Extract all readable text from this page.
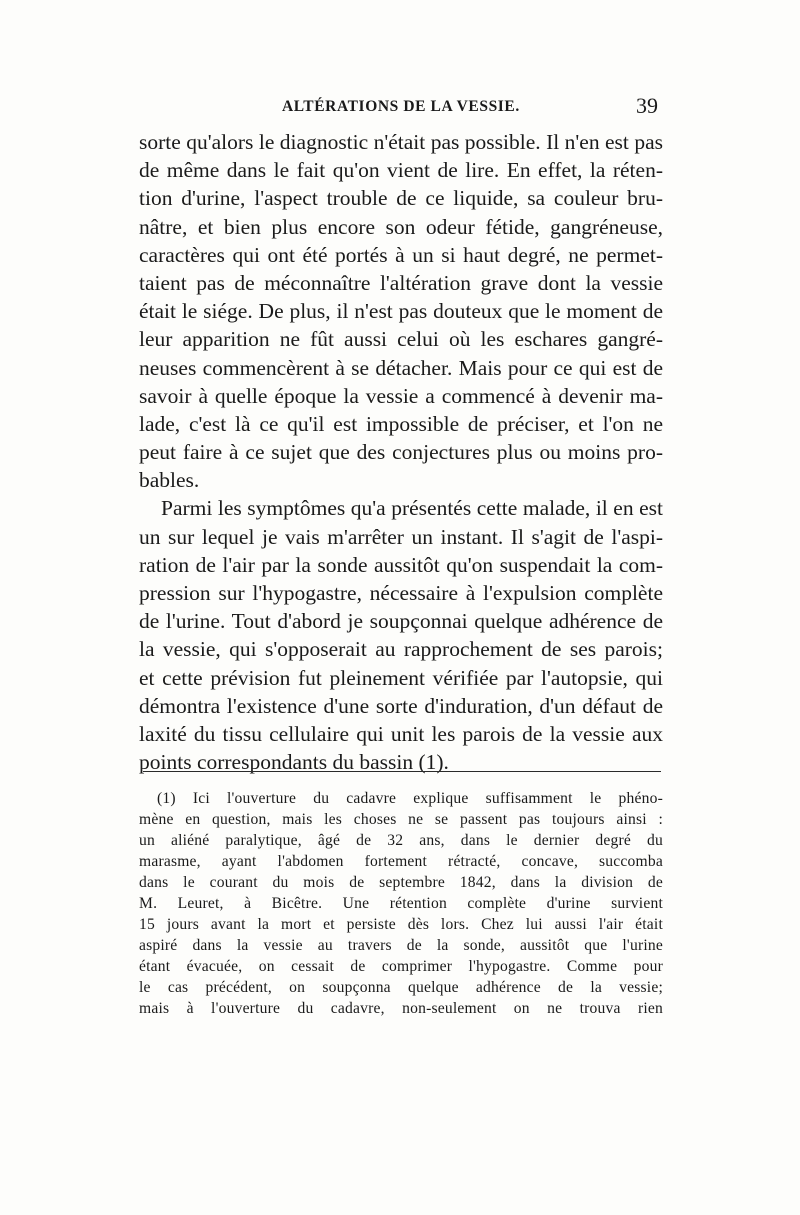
ALTÉRATIONS DE LA VESSIE.	39
sorte qu'alors le diagnostic n'était pas possible. Il n'en est pas
de même dans le fait qu'on vient de lire. En effet, la réten-
tion d'urine, l'aspect trouble de ce liquide, sa couleur bru-
nâtre, et bien plus encore son odeur fétide, gangréneuse,
caractères qui ont été portés à un si haut degré, ne permet-
taient pas de méconnaître l'altération grave dont la vessie
était le siége. De plus, il n'est pas douteux que le moment de
leur apparition ne fût aussi celui où les eschares gangré-
neuses commencèrent à se détacher. Mais pour ce qui est de
savoir à quelle époque la vessie a commencé à devenir ma-
lade, c'est là ce qu'il est impossible de préciser, et l'on ne
peut faire à ce sujet que des conjectures plus ou moins pro-
bables.
Parmi les symptômes qu'a présentés cette malade, il en est
un sur lequel je vais m'arrêter un instant. Il s'agit de l'aspi-
ration de l'air par la sonde aussitôt qu'on suspendait la com-
pression sur l'hypogastre, nécessaire à l'expulsion complète
de l'urine. Tout d'abord je soupçonnai quelque adhérence de
la vessie, qui s'opposerait au rapprochement de ses parois;
et cette prévision fut pleinement vérifiée par l'autopsie, qui
démontra l'existence d'une sorte d'induration, d'un défaut de
laxité du tissu cellulaire qui unit les parois de la vessie aux
points correspondants du bassin (1).
(1) Ici l'ouverture du cadavre explique suffisamment le phéno-
mène en question, mais les choses ne se passent pas toujours ainsi :
un aliéné paralytique, âgé de 32 ans, dans le dernier degré du
marasme, ayant l'abdomen fortement rétracté, concave, succomba
dans le courant du mois de septembre 1842, dans la division de
M. Leuret, à Bicêtre. Une rétention complète d'urine survient
15 jours avant la mort et persiste dès lors. Chez lui aussi l'air était
aspiré dans la vessie au travers de la sonde, aussitôt que l'urine
étant évacuée, on cessait de comprimer l'hypogastre. Comme pour
le cas précédent, on soupçonna quelque adhérence de la vessie;
mais à l'ouverture du cadavre, non-seulement on ne trouva rien
